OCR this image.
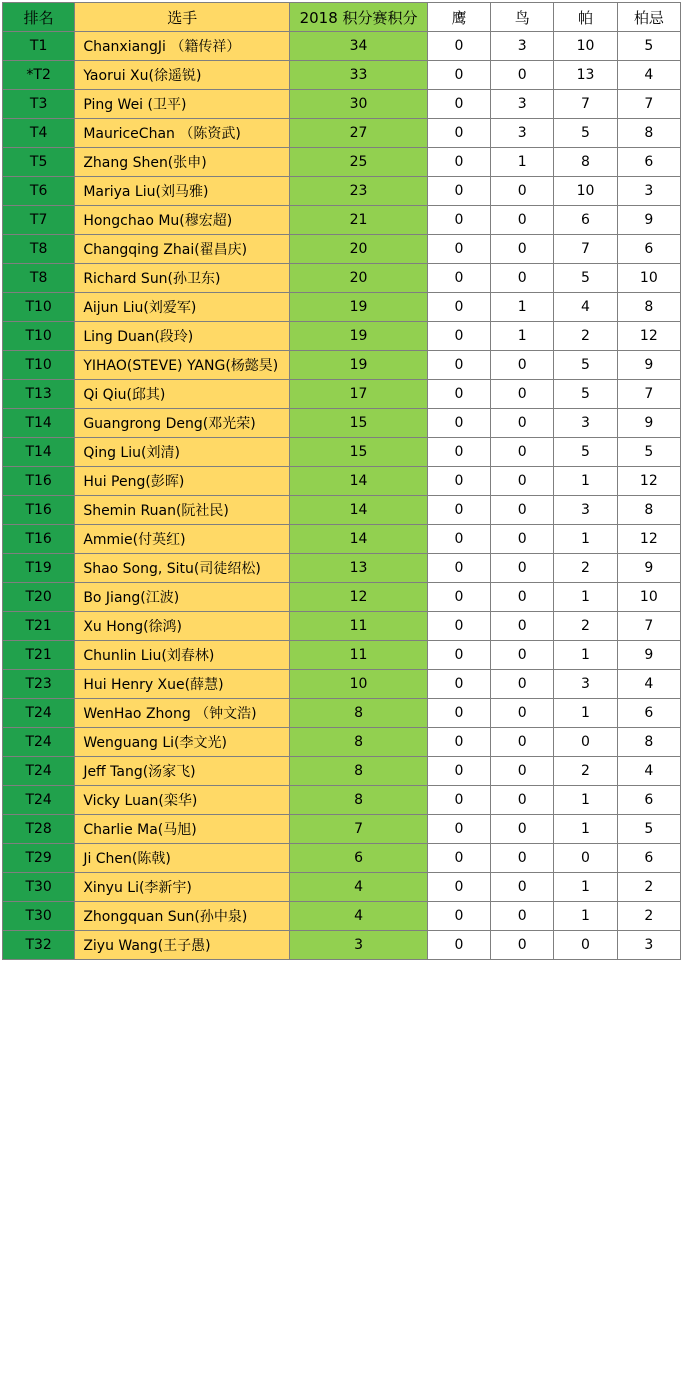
排名	选手	2018 积分赛积分	鹰	鸟	帕	柏忌
T1	ChanxiangJi （籍传祥）	34	0	3	10	5
*T2	Yaorui Xu(徐遥锐)	33	0	0	13	4
T3	Ping Wei (卫平)	30	0	3	7	7
T4	MauriceChan （陈资武)	27	0	3	5	8
T5	Zhang Shen(张申)	25	0	1	8	6
T6	Mariya Liu(刘马雅)	23	0	0	10	3
T7	Hongchao Mu(穆宏超)	21	0	0	6	9
T8	Changqing Zhai(翟昌庆)	20	0	0	7	6
T8	Richard Sun(孙卫东)	20	0	0	5	10
T10	Aijun Liu(刘爱军)	19	0	1	4	8
T10	Ling Duan(段玲)	19	0	1	2	12
T10	YIHAO(STEVE) YANG(杨懿昊)	19	0	0	5	9
T13	Qi Qiu(邱其)	17	0	0	5	7
T14	Guangrong Deng(邓光荣)	15	0	0	3	9
T14	Qing Liu(刘清)	15	0	0	5	5
T16	Hui Peng(彭晖)	14	0	0	1	12
T16	Shemin Ruan(阮社民)	14	0	0	3	8
T16	Ammie(付英红)	14	0	0	1	12
T19	Shao Song, Situ(司徒绍松)	13	0	0	2	9
T20	Bo Jiang(江波)	12	0	0	1	10
T21	Xu Hong(徐鸿)	11	0	0	2	7
T21	Chunlin Liu(刘春林)	11	0	0	1	9
T23	Hui Henry Xue(薛慧)	10	0	0	3	4
T24	WenHao Zhong （钟文浩)	8	0	0	1	6
T24	Wenguang Li(李文光)	8	0	0	0	8
T24	Jeff Tang(汤家飞)	8	0	0	2	4
T24	Vicky Luan(栾华)	8	0	0	1	6
T28	Charlie Ma(马旭)	7	0	0	1	5
T29	Ji Chen(陈戟)	6	0	0	0	6
T30	Xinyu Li(李新宇)	4	0	0	1	2
T30	Zhongquan Sun(孙中泉)	4	0	0	1	2
T32	Ziyu Wang(王子愚)	3	0	0	0	3
